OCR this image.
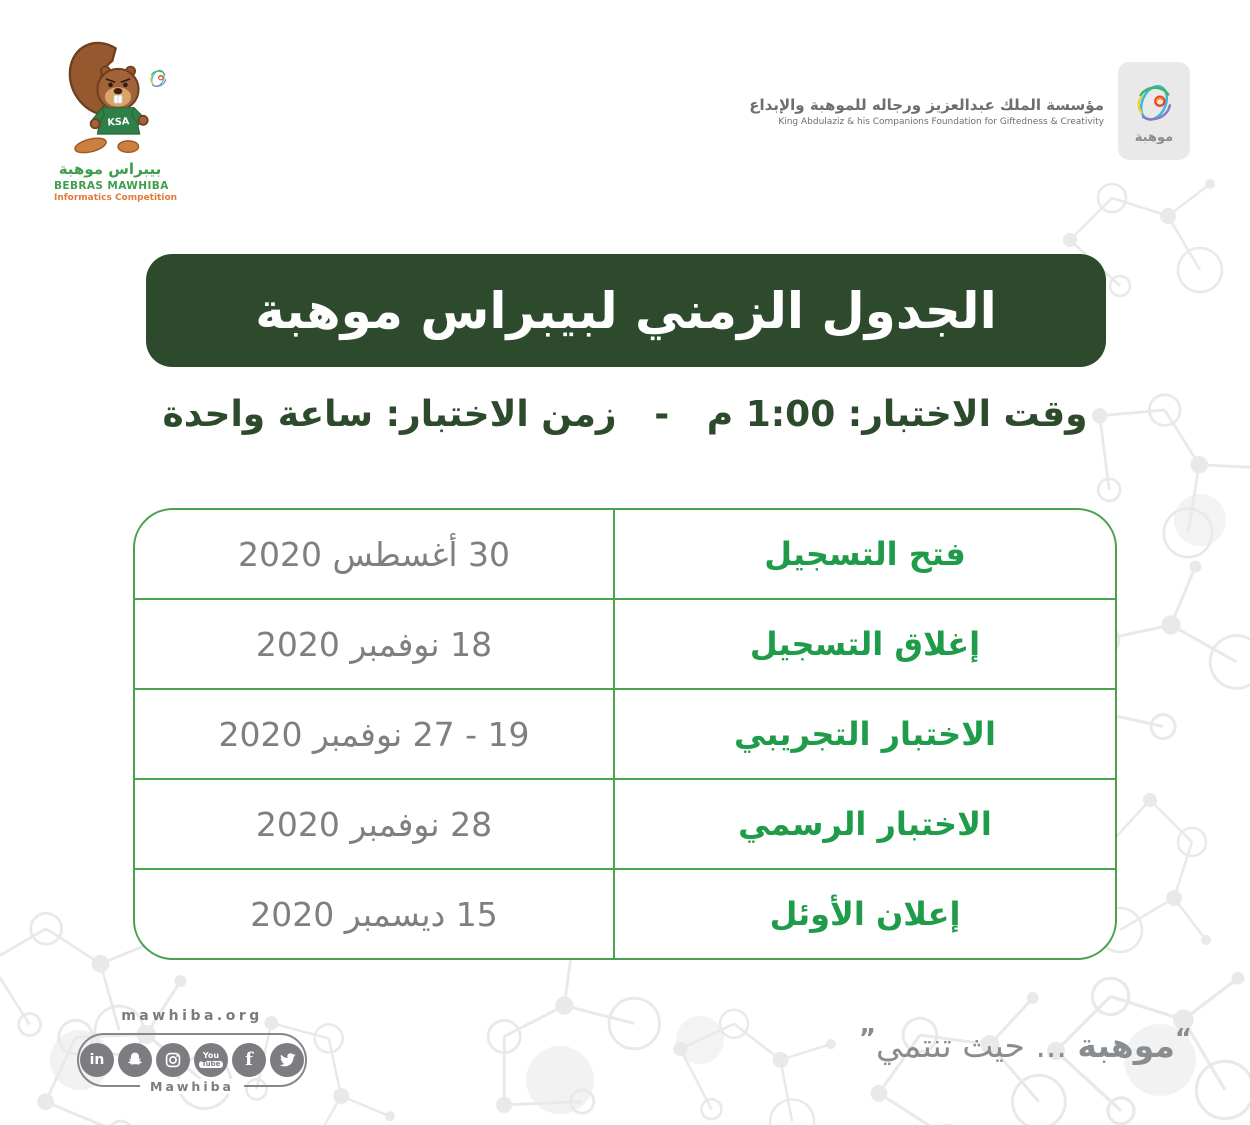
KSA
بيبراس موهبة
BEBRAS MAWHIBA
Informatics Competition
مؤسسة الملك عبدالعزيز ورجاله للموهبة والإبداع
King Abdulaziz & his Companions Foundation for Giftedness & Creativity
موهبة
الجدول الزمني لبيبراس موهبة
وقت الاختبار: 1:00 م   -   زمن الاختبار: ساعة واحدة
30 أغسطس 2020	فتح التسجيل
18 نوفمبر 2020	إغلاق التسجيل
19 - 27 نوفمبر 2020	الاختبار التجريبي
28 نوفمبر 2020	الاختبار الرسمي
15 ديسمبر 2020	إعلان الأوئل
mawhiba.org
in	You
Tube f
Mawhiba
“موهبة ... حيث تنتمي”
